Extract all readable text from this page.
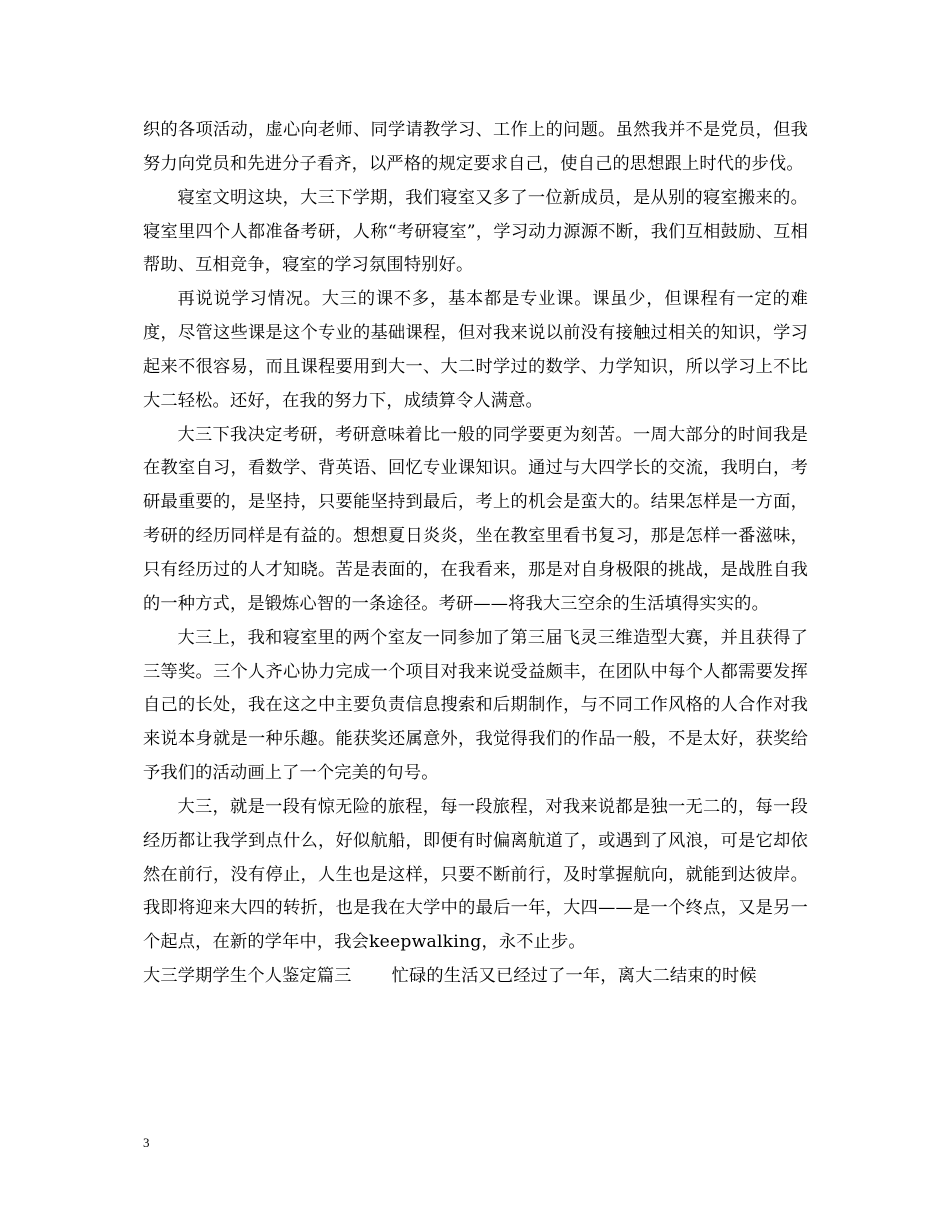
织的各项活动，虚心向老师、同学请教学习、工作上的问题。虽然我并不是党员，但我努力向党员和先进分子看齐，以严格的规定要求自己，使自己的思想跟上时代的步伐。

寝室文明这块，大三下学期，我们寝室又多了一位新成员，是从别的寝室搬来的。寝室里四个人都准备考研，人称“考研寝室”，学习动力源源不断，我们互相鼓励、互相帮助、互相竞争，寝室的学习氛围特别好。

再说说学习情况。大三的课不多，基本都是专业课。课虽少，但课程有一定的难度，尽管这些课是这个专业的基础课程，但对我来说以前没有接触过相关的知识，学习起来不很容易，而且课程要用到大一、大二时学过的数学、力学知识，所以学习上不比大二轻松。还好，在我的努力下，成绩算令人满意。

大三下我决定考研，考研意味着比一般的同学要更为刻苦。一周大部分的时间我是在教室自习，看数学、背英语、回忆专业课知识。通过与大四学长的交流，我明白，考研最重要的，是坚持，只要能坚持到最后，考上的机会是蛮大的。结果怎样是一方面，考研的经历同样是有益的。想想夏日炎炎，坐在教室里看书复习，那是怎样一番滋味，只有经历过的人才知晓。苦是表面的，在我看来，那是对自身极限的挑战，是战胜自我的一种方式，是锻炼心智的一条途径。考研——将我大三空余的生活填得实实的。

大三上，我和寝室里的两个室友一同参加了第三届飞灵三维造型大赛，并且获得了三等奖。三个人齐心协力完成一个项目对我来说受益颇丰，在团队中每个人都需要发挥自己的长处，我在这之中主要负责信息搜索和后期制作，与不同工作风格的人合作对我来说本身就是一种乐趣。能获奖还属意外，我觉得我们的作品一般，不是太好，获奖给予我们的活动画上了一个完美的句号。

大三，就是一段有惊无险的旅程，每一段旅程，对我来说都是独一无二的，每一段经历都让我学到点什么，好似航船，即便有时偏离航道了，或遇到了风浪，可是它却依然在前行，没有停止，人生也是这样，只要不断前行，及时掌握航向，就能到达彼岸。我即将迎来大四的转折，也是我在大学中的最后一年，大四——是一个终点，又是另一个起点，在新的学年中，我会keepwalking，永不止步。

大三学期学生个人鉴定篇三 忙碌的生活又已经过了一年，离大二结束的时候

3
